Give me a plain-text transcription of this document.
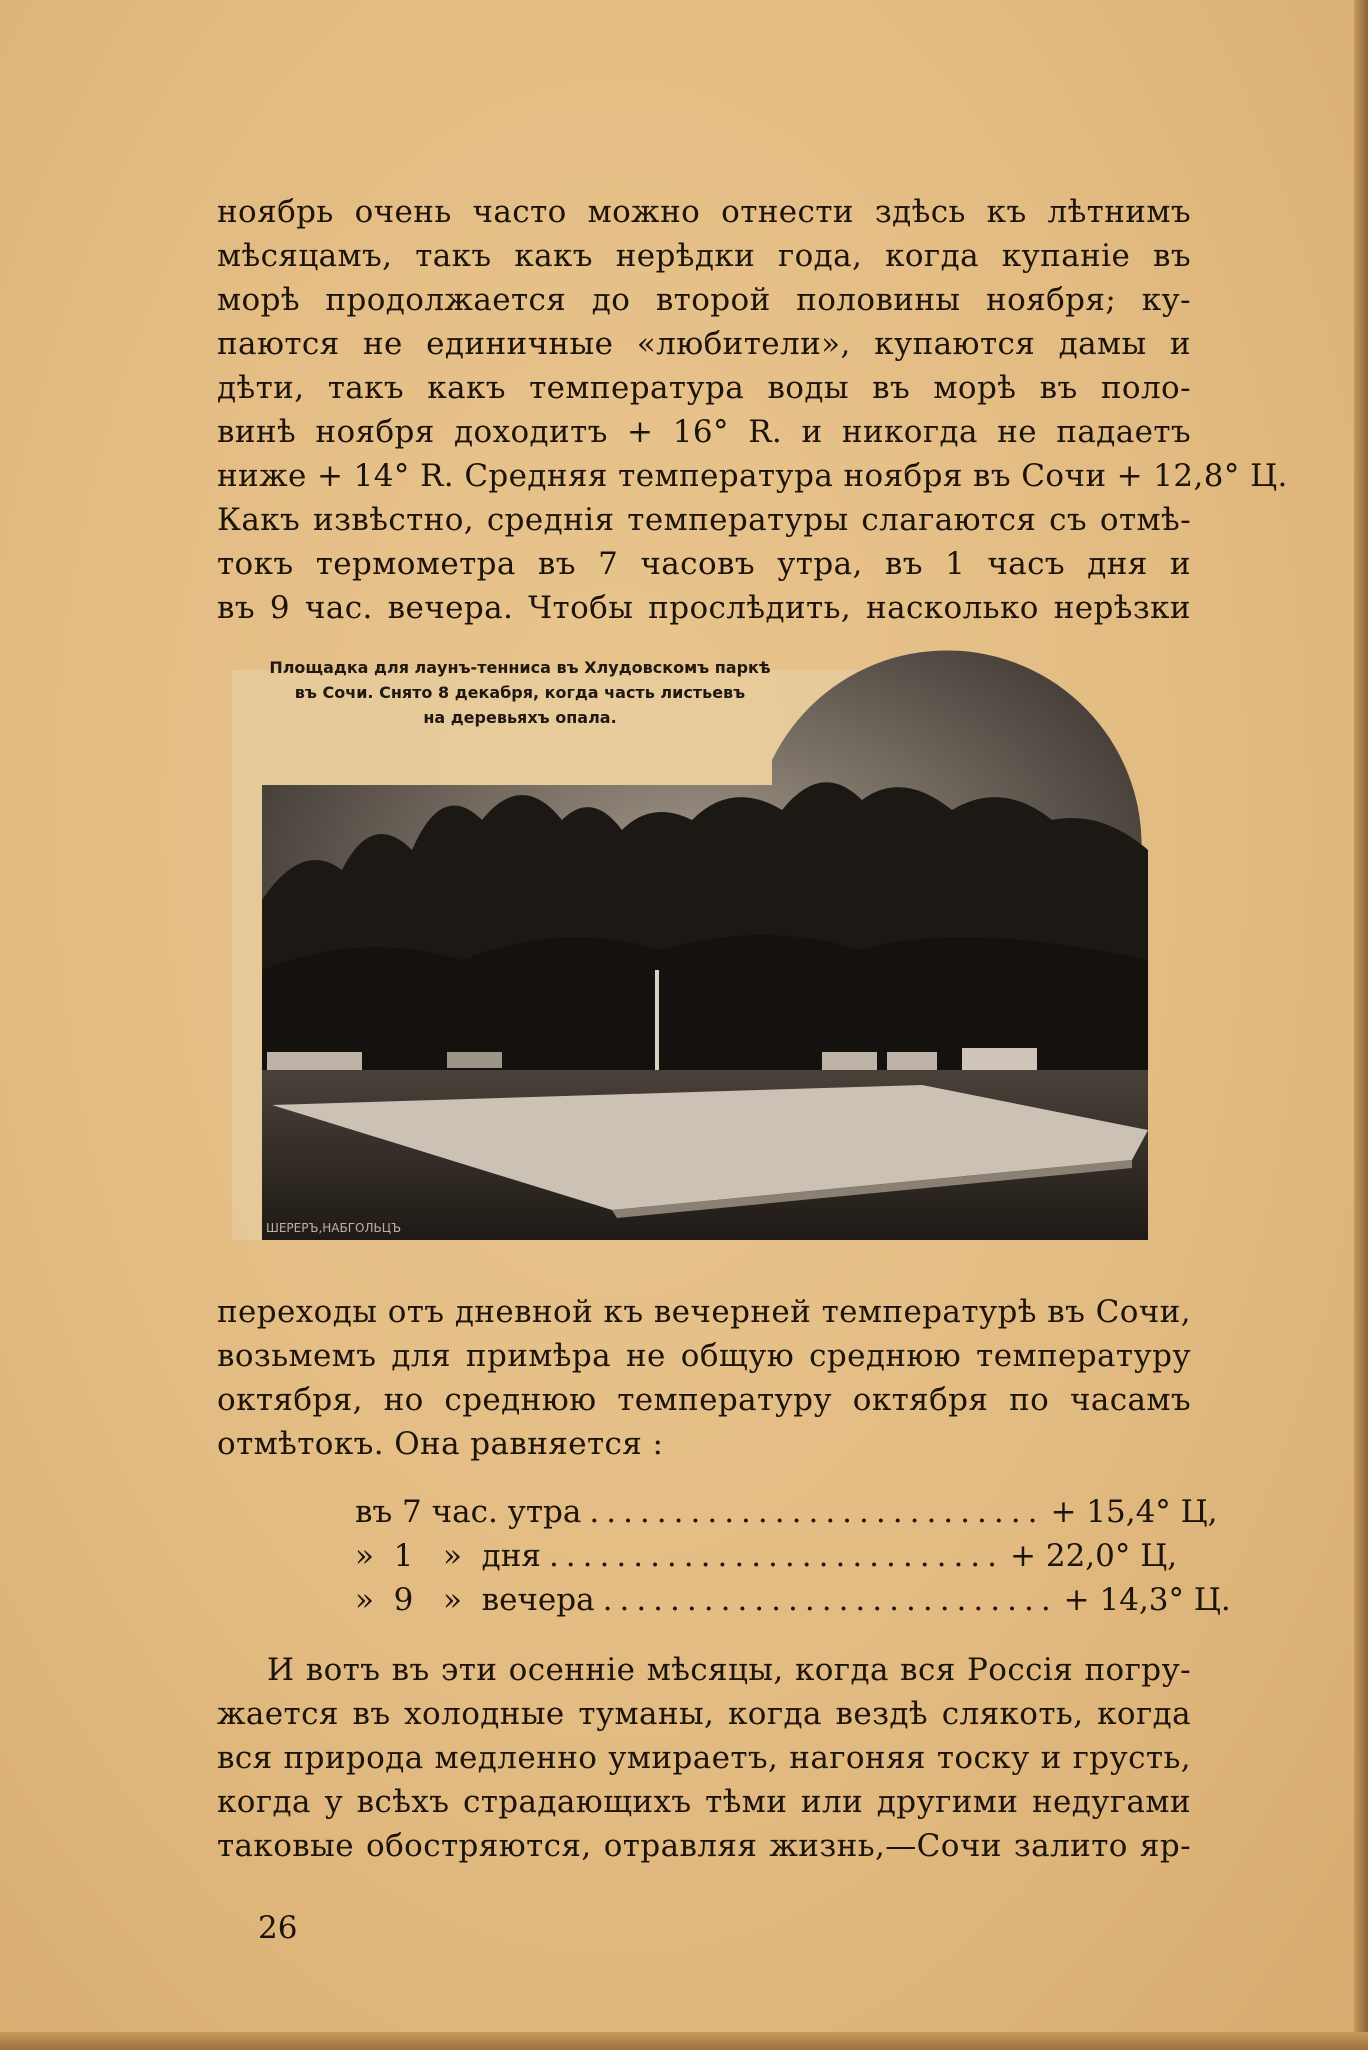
ноябрь очень часто можно отнести здѣсь къ лѣтнимъ
мѣсяцамъ, такъ какъ нерѣдки года, когда купаніе въ
морѣ продолжается до второй половины ноября; ку-
паются не единичные «любители», купаются дамы и
дѣти, такъ какъ температура воды въ морѣ въ поло-
винѣ ноября доходитъ + 16° R. и никогда не падаетъ
ниже + 14° R. Средняя температура ноября въ Сочи + 12,8° Ц.
Какъ извѣстно, среднія температуры слагаются съ отмѣ-
токъ термометра въ 7 часовъ утра, въ 1 часъ дня и
въ 9 час. вечера. Чтобы прослѣдить, насколько нерѣзки
ШЕРЕРЪ,НАБГОЛЬЦЪ
Площадка для лаунъ-тенниса въ Хлудовскомъ паркѣ
въ Сочи. Снято 8 декабря, когда часть листьевъ
на деревьяхъ опала.
переходы отъ дневной къ вечерней температурѣ въ Сочи,
возьмемъ для примѣра не общую среднюю температуру
октября, но среднюю температуру октября по часамъ
отмѣтокъ. Она равняется :
въ 7 час. утра ........................... + 15,4° Ц,
»  1   »  дня ........................... + 22,0° Ц,
»  9   »  вечера ........................... + 14,3° Ц.
И вотъ въ эти осенніе мѣсяцы, когда вся Россія погру-
жается въ холодные туманы, когда вездѣ слякоть, когда
вся природа медленно умираетъ, нагоняя тоску и грусть,
когда у всѣхъ страдающихъ тѣми или другими недугами
таковые обостряются, отравляя жизнь,—Сочи залито яр-
26
